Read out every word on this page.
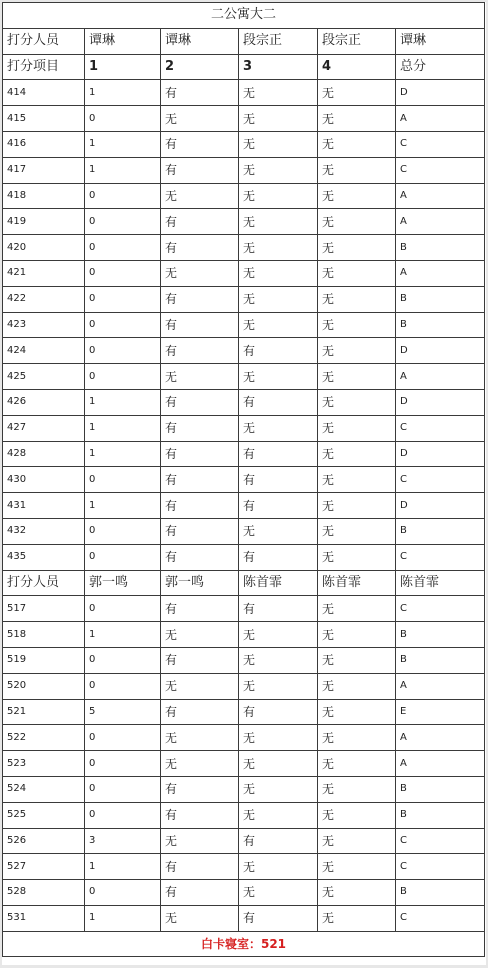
二公寓大二					
打分人员	谭琳	谭琳	段宗正	段宗正	谭琳
打分项目	1	2	3	4	总分
414	1	有	无	无	D
415	0	无	无	无	A
416	1	有	无	无	C
417	1	有	无	无	C
418	0	无	无	无	A
419	0	有	无	无	A
420	0	有	无	无	B
421	0	无	无	无	A
422	0	有	无	无	B
423	0	有	无	无	B
424	0	有	有	无	D
425	0	无	无	无	A
426	1	有	有	无	D
427	1	有	无	无	C
428	1	有	有	无	D
430	0	有	有	无	C
431	1	有	有	无	D
432	0	有	无	无	B
435	0	有	有	无	C
打分人员	郭一鸣	郭一鸣	陈首霏	陈首霏	陈首霏
517	0	有	有	无	C
518	1	无	无	无	B
519	0	有	无	无	B
520	0	无	无	无	A
521	5	有	有	无	E
522	0	无	无	无	A
523	0	无	无	无	A
524	0	有	无	无	B
525	0	有	无	无	B
526	3	无	有	无	C
527	1	有	无	无	C
528	0	有	无	无	B
531	1	无	有	无	C
白卡寝室：521					
